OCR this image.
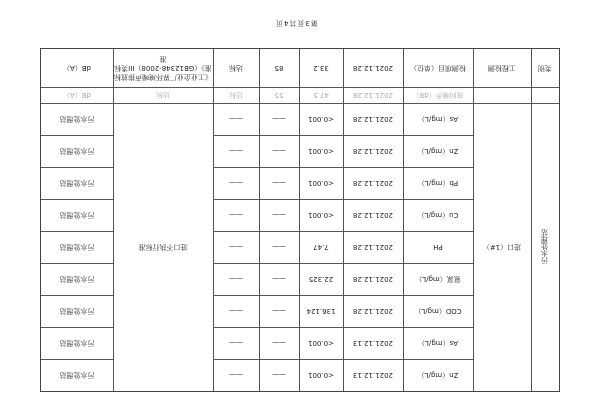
第3页共4页
类别
工程检测
检测项目（单位）
2021.12.28
33.2
85
达标
《工业企业厂界环境噪声排放标准》（GB12348-2008）III类标准
dB（A）
夜间噪声（dB）
2021.12.28
47.5
55
达标
达标
dB（A）
污水处理站
进口（1#）
进口不执行标准
As（mg/L）
2021.12.28
<0.001
——
——
污水处理站
Zn（mg/L）
2021.12.28
<0.001
——
——
污水处理站
Pb（mg/L）
2021.12.28
<0.001
——
——
污水处理站
Cu（mg/L）
2021.12.28
<0.001
——
——
污水处理站
PH
2021.12.28
7.47
——
——
污水处理站
氨氮（mg/L）
2021.12.28
22.325
——
——
污水处理站
COD（mg/L）
2021.12.28
136.124
——
——
污水处理站
As（mg/L）
2021.12.13
<0.001
——
——
污水处理站
Zn（mg/L）
2021.12.13
<0.001
——
——
污水处理站
